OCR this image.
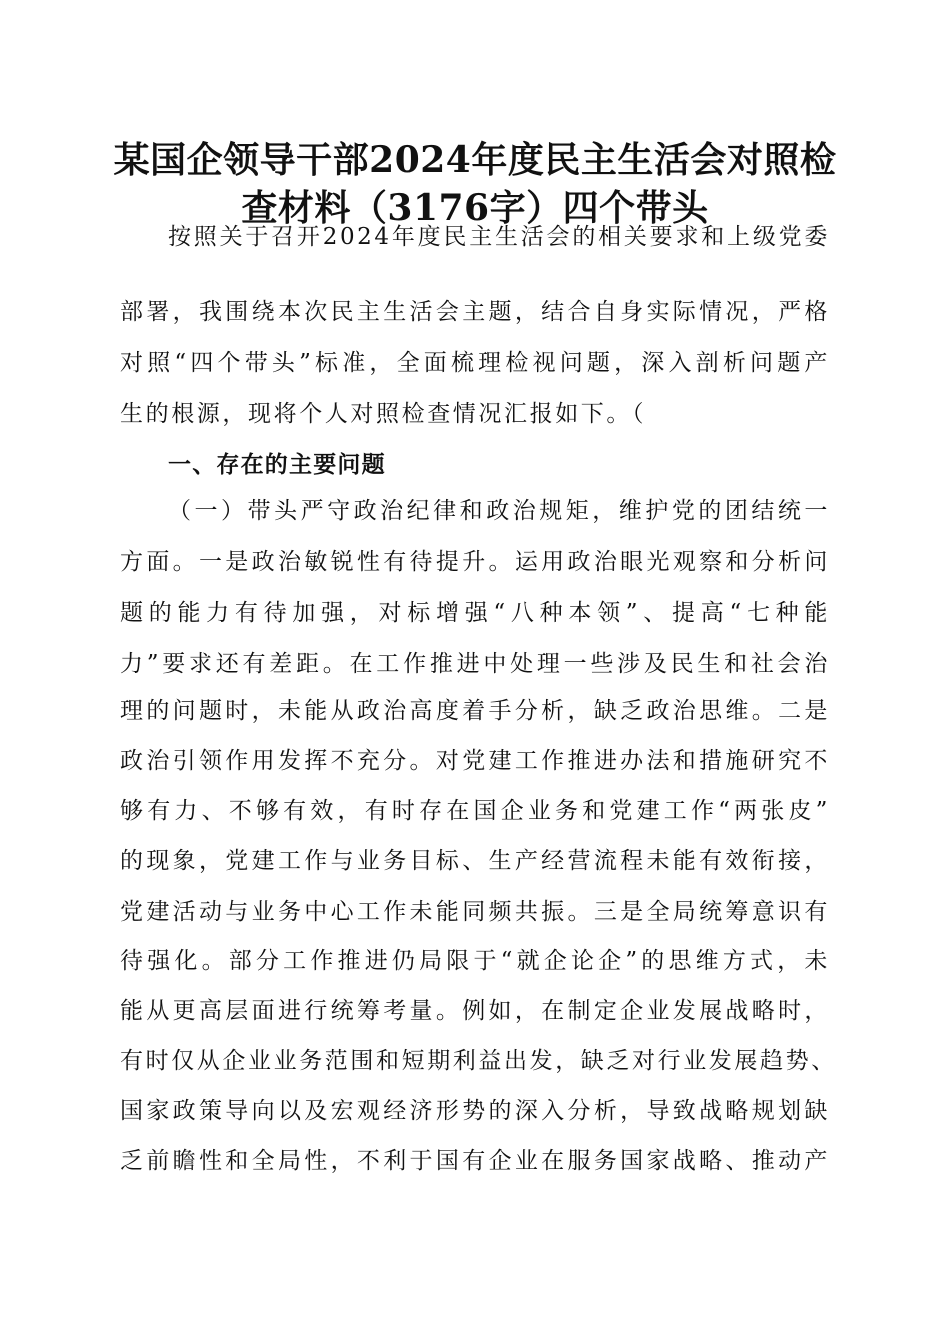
某国企领导干部2024年度民主生活会对照检
查材料（3176字）四个带头

按照关于召开2024年度民主生活会的相关要求和上级党委

部署，我围绕本次民主生活会主题，结合自身实际情况，严格

对照“四个带头”标准，全面梳理检视问题，深入剖析问题产

生的根源，现将个人对照检查情况汇报如下。（

一、存在的主要问题

（一）带头严守政治纪律和政治规矩，维护党的团结统一

方面。一是政治敏锐性有待提升。运用政治眼光观察和分析问

题的能力有待加强，对标增强“八种本领”、提高“七种能

力”要求还有差距。在工作推进中处理一些涉及民生和社会治

理的问题时，未能从政治高度着手分析，缺乏政治思维。二是

政治引领作用发挥不充分。对党建工作推进办法和措施研究不

够有力、不够有效，有时存在国企业务和党建工作“两张皮”

的现象，党建工作与业务目标、生产经营流程未能有效衔接，

党建活动与业务中心工作未能同频共振。三是全局统筹意识有

待强化。部分工作推进仍局限于“就企论企”的思维方式，未

能从更高层面进行统筹考量。例如，在制定企业发展战略时，

有时仅从企业业务范围和短期利益出发，缺乏对行业发展趋势、

国家政策导向以及宏观经济形势的深入分析，导致战略规划缺

乏前瞻性和全局性，不利于国有企业在服务国家战略、推动产
